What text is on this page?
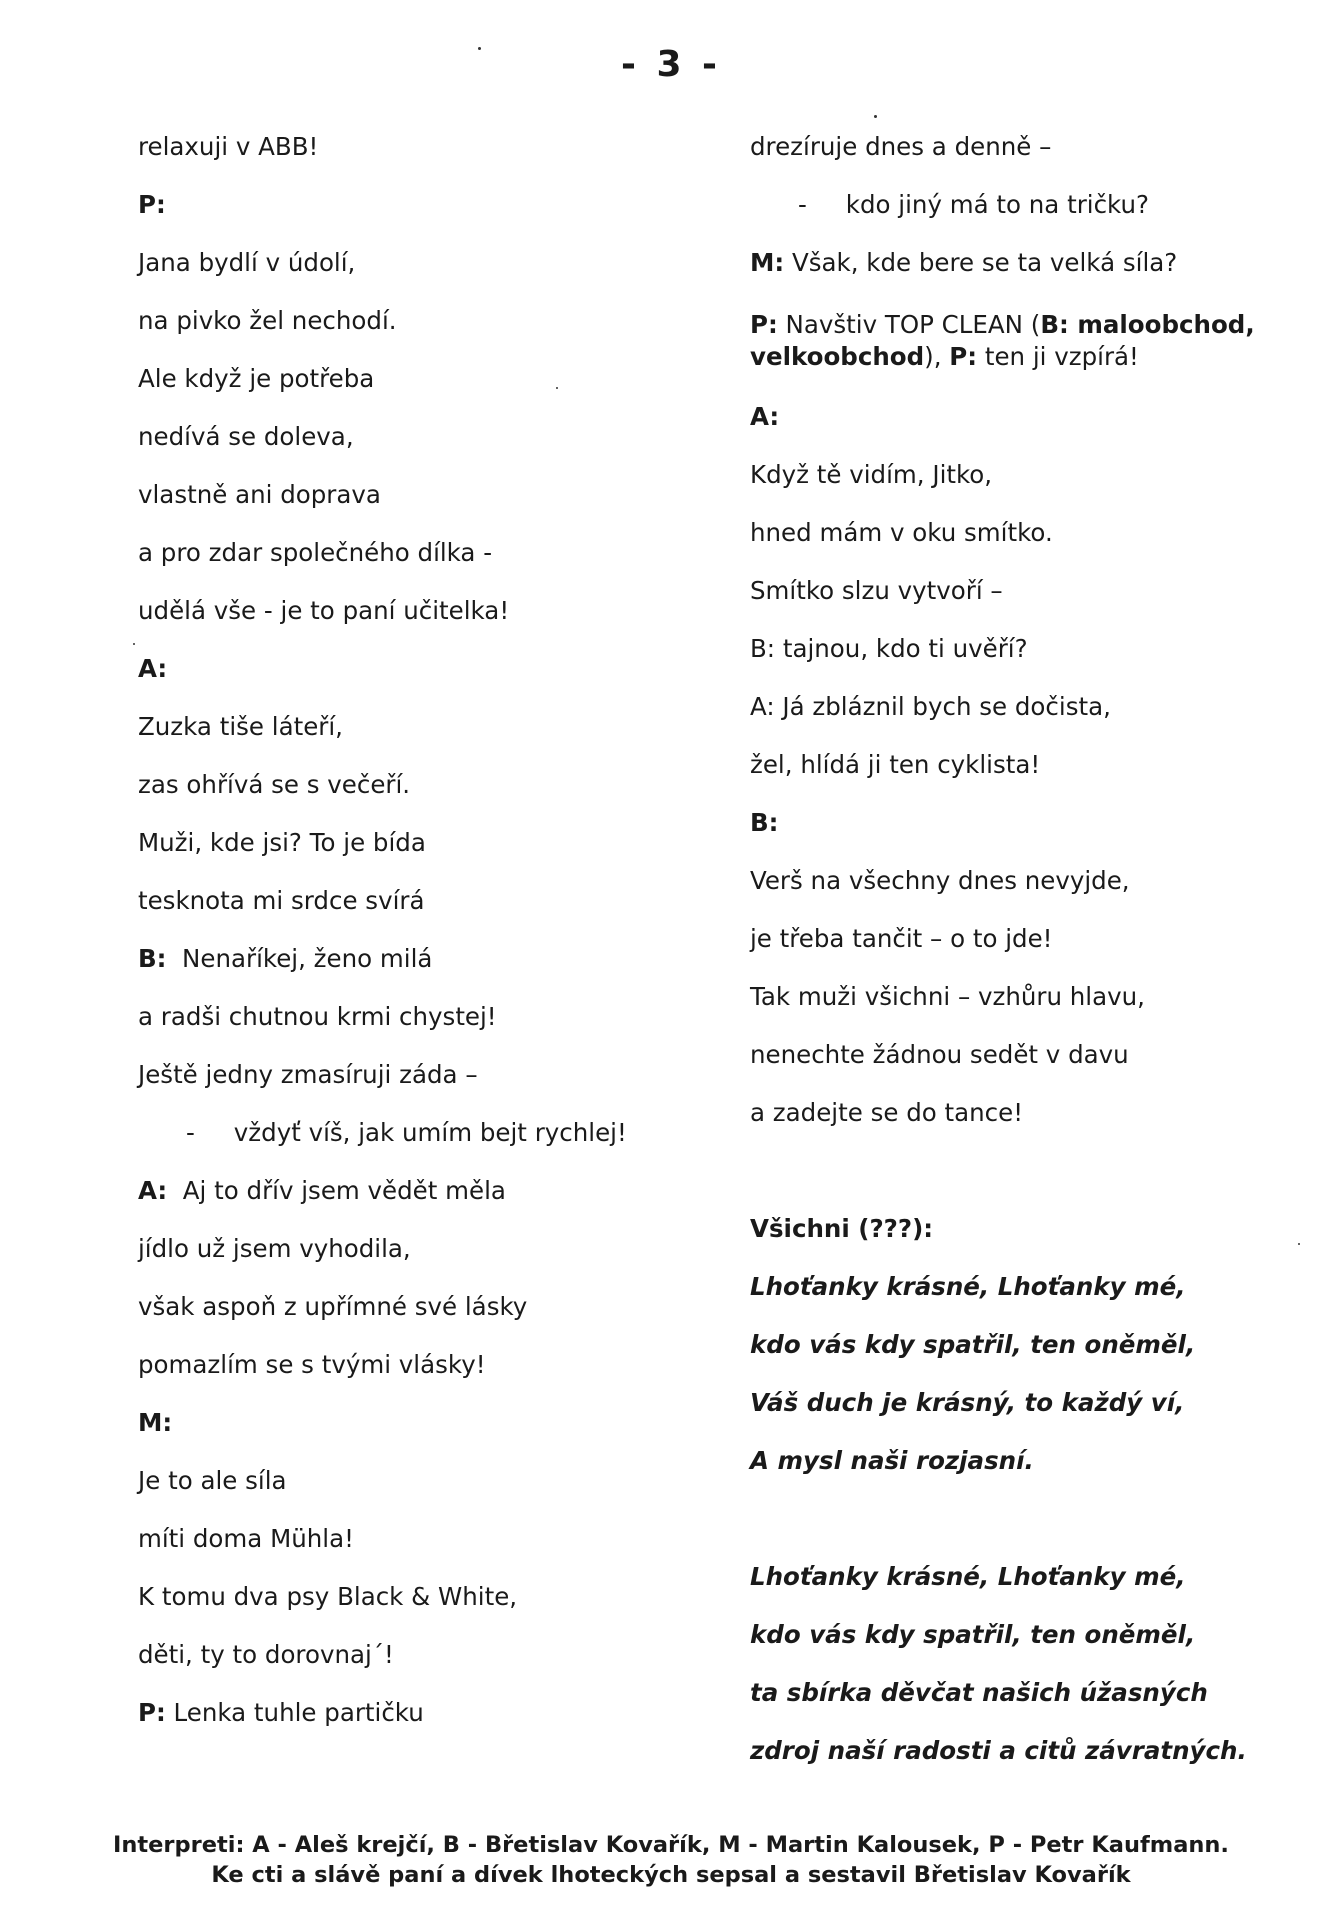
- 3 -
relaxuji v ABB!
P:
Jana bydlí v údolí,
na pivko žel nechodí.
Ale když je potřeba
nedívá se doleva,
vlastně ani doprava
a pro zdar společného dílka -
udělá vše - je to paní učitelka!
A:
Zuzka tiše láteří,
zas ohřívá se s večeří.
Muži, kde jsi? To je bída
tesknota mi srdce svírá
B:  Nenaříkej, ženo milá
a radši chutnou krmi chystej!
Ještě jedny zmasíruji záda –
-     vždyť víš, jak umím bejt rychlej!
A:  Aj to dřív jsem vědět měla
jídlo už jsem vyhodila,
však aspoň z upřímné své lásky
pomazlím se s tvými vlásky!
M:
Je to ale síla
míti doma Mühla!
K tomu dva psy Black & White,
děti, ty to dorovnaj´!
P: Lenka tuhle partičku
drezíruje dnes a denně –
-     kdo jiný má to na tričku?
M: Však, kde bere se ta velká síla?
P: Navštiv TOP CLEAN (B: maloobchod,
velkoobchod), P: ten ji vzpírá!
A:
Když tě vidím, Jitko,
hned mám v oku smítko.
Smítko slzu vytvoří –
B: tajnou, kdo ti uvěří?
A: Já zbláznil bych se dočista,
žel, hlídá ji ten cyklista!
B:
Verš na všechny dnes nevyjde,
je třeba tančit – o to jde!
Tak muži všichni – vzhůru hlavu,
nenechte žádnou sedět v davu
a zadejte se do tance!
Všichni (???):
Lhoťanky krásné, Lhoťanky mé,
kdo vás kdy spatřil, ten oněměl,
Váš duch je krásný, to každý ví,
A mysl naši rozjasní.
Lhoťanky krásné, Lhoťanky mé,
kdo vás kdy spatřil, ten oněměl,
ta sbírka děvčat našich úžasných
zdroj naší radosti a citů závratných.
Interpreti: A - Aleš krejčí, B - Břetislav Kovařík, M - Martin Kalousek, P - Petr Kaufmann.
Ke cti a slávě paní a dívek lhoteckých sepsal a sestavil Břetislav Kovařík
